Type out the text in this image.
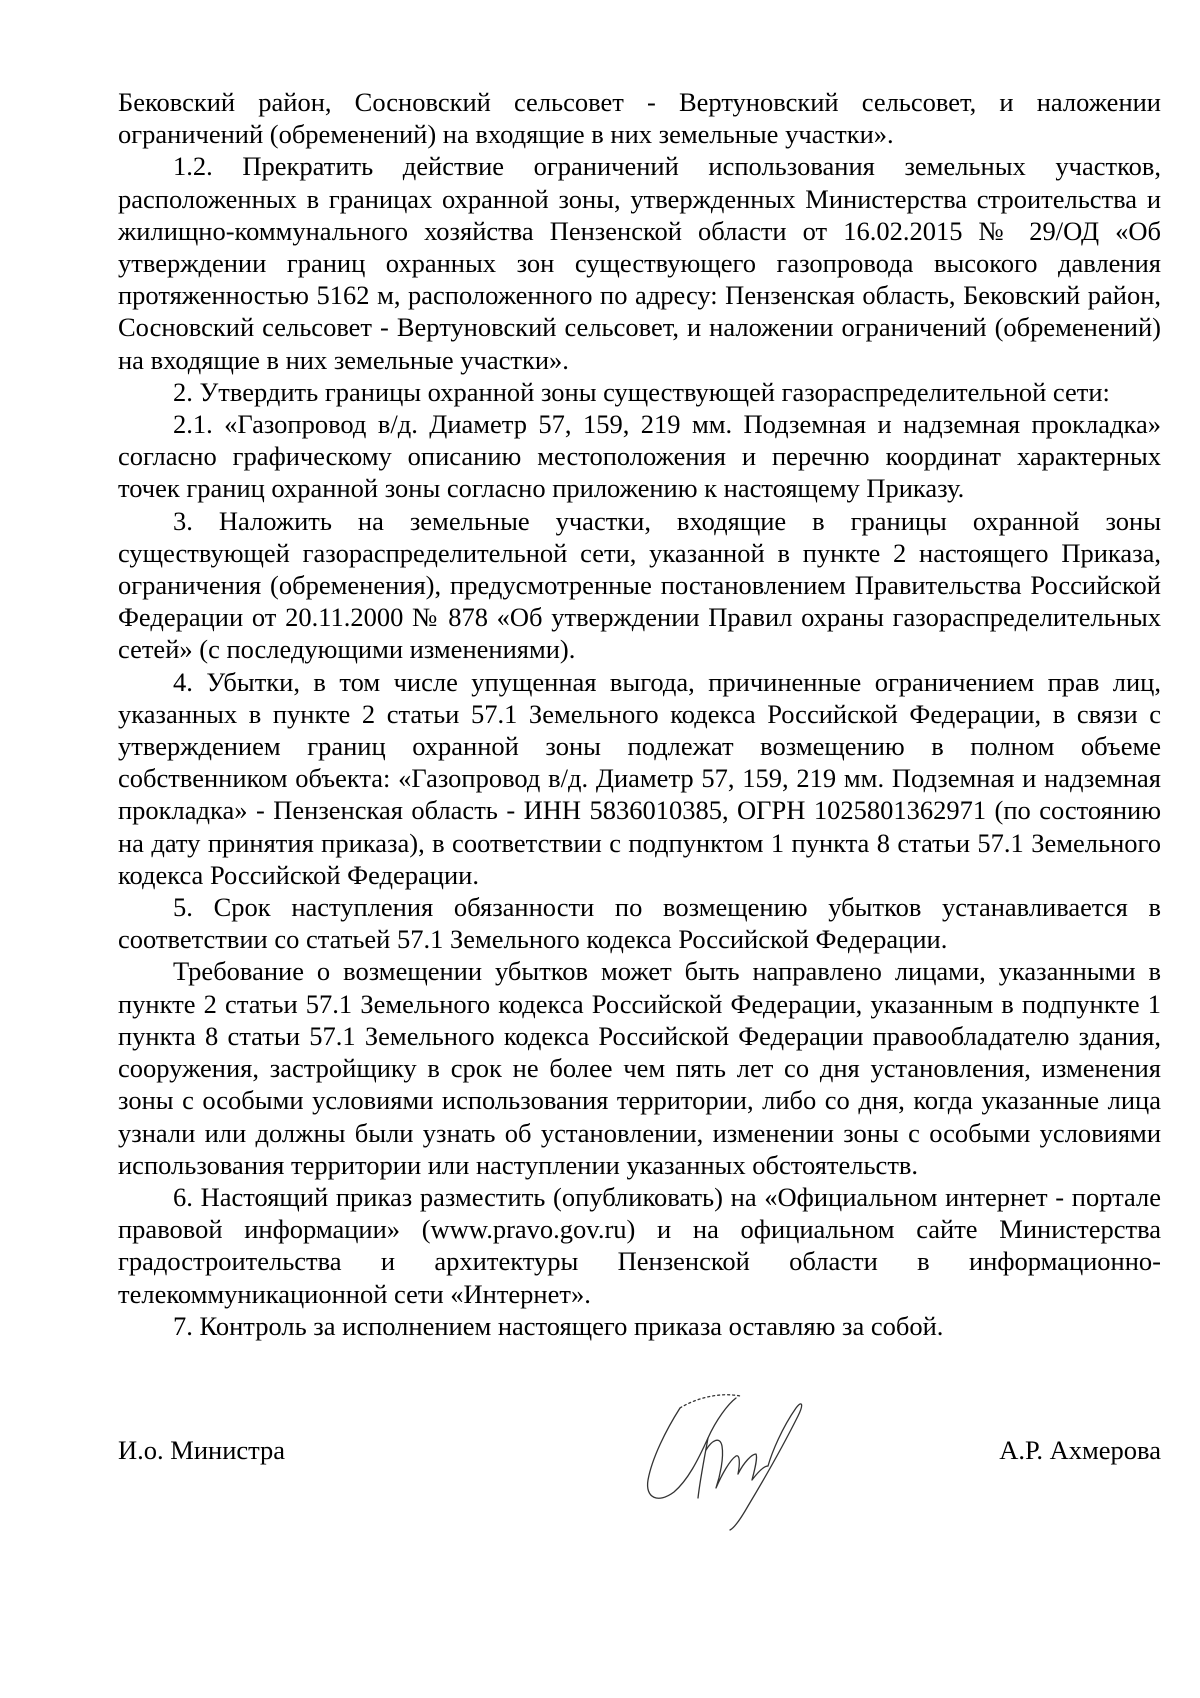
Бековский район, Сосновский сельсовет - Вертуновский сельсовет, и наложении ограничений (обременений) на входящие в них земельные участки».

1.2. Прекратить действие ограничений использования земельных участков, расположенных в границах охранной зоны, утвержденных Министерства строительства и жилищно-коммунального хозяйства Пензенской области от 16.02.2015 № 29/ОД «Об утверждении границ охранных зон существующего газопровода высокого давления протяженностью 5162 м, расположенного по адресу: Пензенская область, Бековский район, Сосновский сельсовет - Вертуновский сельсовет, и наложении ограничений (обременений) на входящие в них земельные участки».

2. Утвердить границы охранной зоны существующей газораспределительной сети:

2.1. «Газопровод в/д. Диаметр 57, 159, 219 мм. Подземная и надземная прокладка» согласно графическому описанию местоположения и перечню координат характерных точек границ охранной зоны согласно приложению к настоящему Приказу.

3. Наложить на земельные участки, входящие в границы охранной зоны существующей газораспределительной сети, указанной в пункте 2 настоящего Приказа, ограничения (обременения), предусмотренные постановлением Правительства Российской Федерации от 20.11.2000 № 878 «Об утверждении Правил охраны газораспределительных сетей» (с последующими изменениями).

4. Убытки, в том числе упущенная выгода, причиненные ограничением прав лиц, указанных в пункте 2 статьи 57.1 Земельного кодекса Российской Федерации, в связи с утверждением границ охранной зоны подлежат возмещению в полном объеме собственником объекта: «Газопровод в/д. Диаметр 57, 159, 219 мм. Подземная и надземная прокладка» - Пензенская область - ИНН 5836010385, ОГРН 1025801362971 (по состоянию на дату принятия приказа), в соответствии с подпунктом 1 пункта 8 статьи 57.1 Земельного кодекса Российской Федерации.

5. Срок наступления обязанности по возмещению убытков устанавливается в соответствии со статьей 57.1 Земельного кодекса Российской Федерации.

Требование о возмещении убытков может быть направлено лицами, указанными в пункте 2 статьи 57.1 Земельного кодекса Российской Федерации, указанным в подпункте 1 пункта 8 статьи 57.1 Земельного кодекса Российской Федерации правообладателю здания, сооружения, застройщику в срок не более чем пять лет со дня установления, изменения зоны с особыми условиями использования территории, либо со дня, когда указанные лица узнали или должны были узнать об установлении, изменении зоны с особыми условиями использования территории или наступлении указанных обстоятельств.

6. Настоящий приказ разместить (опубликовать) на «Официальном интернет - портале правовой информации» (www.pravo.gov.ru) и на официальном сайте Министерства градостроительства и архитектуры Пензенской области в информационно-телекоммуникационной сети «Интернет».

7. Контроль за исполнением настоящего приказа оставляю за собой.

И.о. Министра	А.Р. Ахмерова
